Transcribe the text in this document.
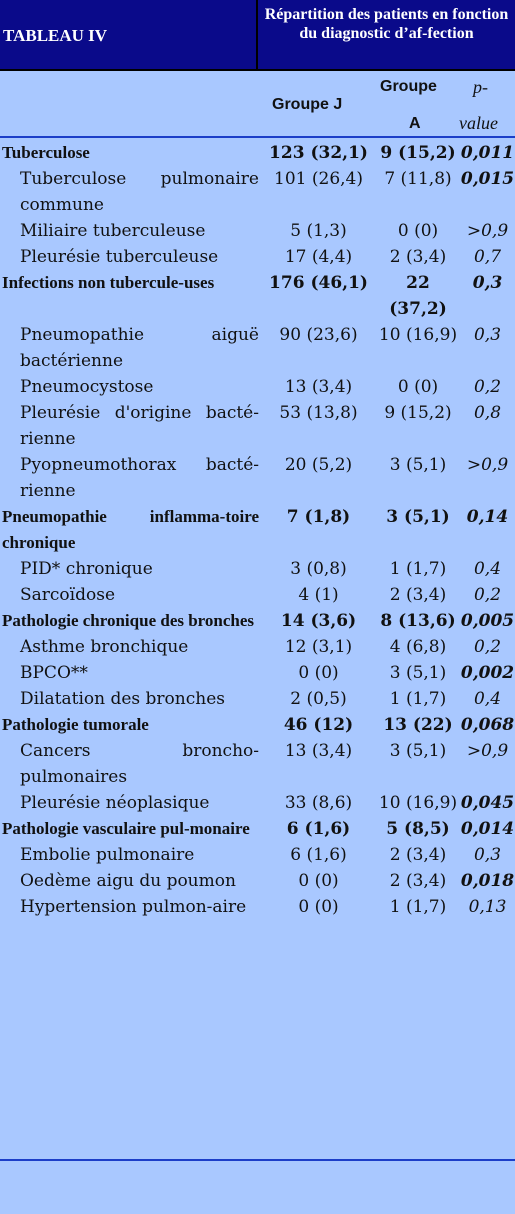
TABLEAU IV
Répartition des patients en fonction du diagnostic d’af-fection
Groupe J
Groupe
A
p-
value
Tuberculose	123 (32,1)	9 (15,2)	0,011
Tuberculose pulmonaire commune	101 (26,4)	7 (11,8)	0,015
Miliaire tuberculeuse	5 (1,3)	0 (0)	>0,9
Pleurésie tuberculeuse	17 (4,4)	2 (3,4)	0,7
Infections non tubercule-uses	176 (46,1)	22 (37,2)	0,3
Pneumopathie aiguë bactérienne	90 (23,6)	10 (16,9)	0,3
Pneumocystose	13 (3,4)	0 (0)	0,2
Pleurésie d'origine bacté-rienne	53 (13,8)	9 (15,2)	0,8
Pyopneumothorax bacté-rienne	20 (5,2)	3 (5,1)	>0,9
Pneumopathie inflamma-toire chronique	7 (1,8)	3 (5,1)	0,14
PID* chronique	3 (0,8)	1 (1,7)	0,4
Sarcoïdose	4 (1)	2 (3,4)	0,2
Pathologie chronique des bronches	14 (3,6)	8 (13,6)	0,005
Asthme bronchique	12 (3,1)	4 (6,8)	0,2
BPCO**	0 (0)	3 (5,1)	0,002
Dilatation des bronches	2 (0,5)	1 (1,7)	0,4
Pathologie tumorale	46 (12)	13 (22)	0,068
Cancers broncho-pulmonaires	13 (3,4)	3 (5,1)	>0,9
Pleurésie néoplasique	33 (8,6)	10 (16,9)	0,045
Pathologie vasculaire pul-monaire	6 (1,6)	5 (8,5)	0,014
Embolie pulmonaire	6 (1,6)	2 (3,4)	0,3
Oedème aigu du poumon	0 (0)	2 (3,4)	0,018
Hypertension pulmon-aire	0 (0)	1 (1,7)	0,13
